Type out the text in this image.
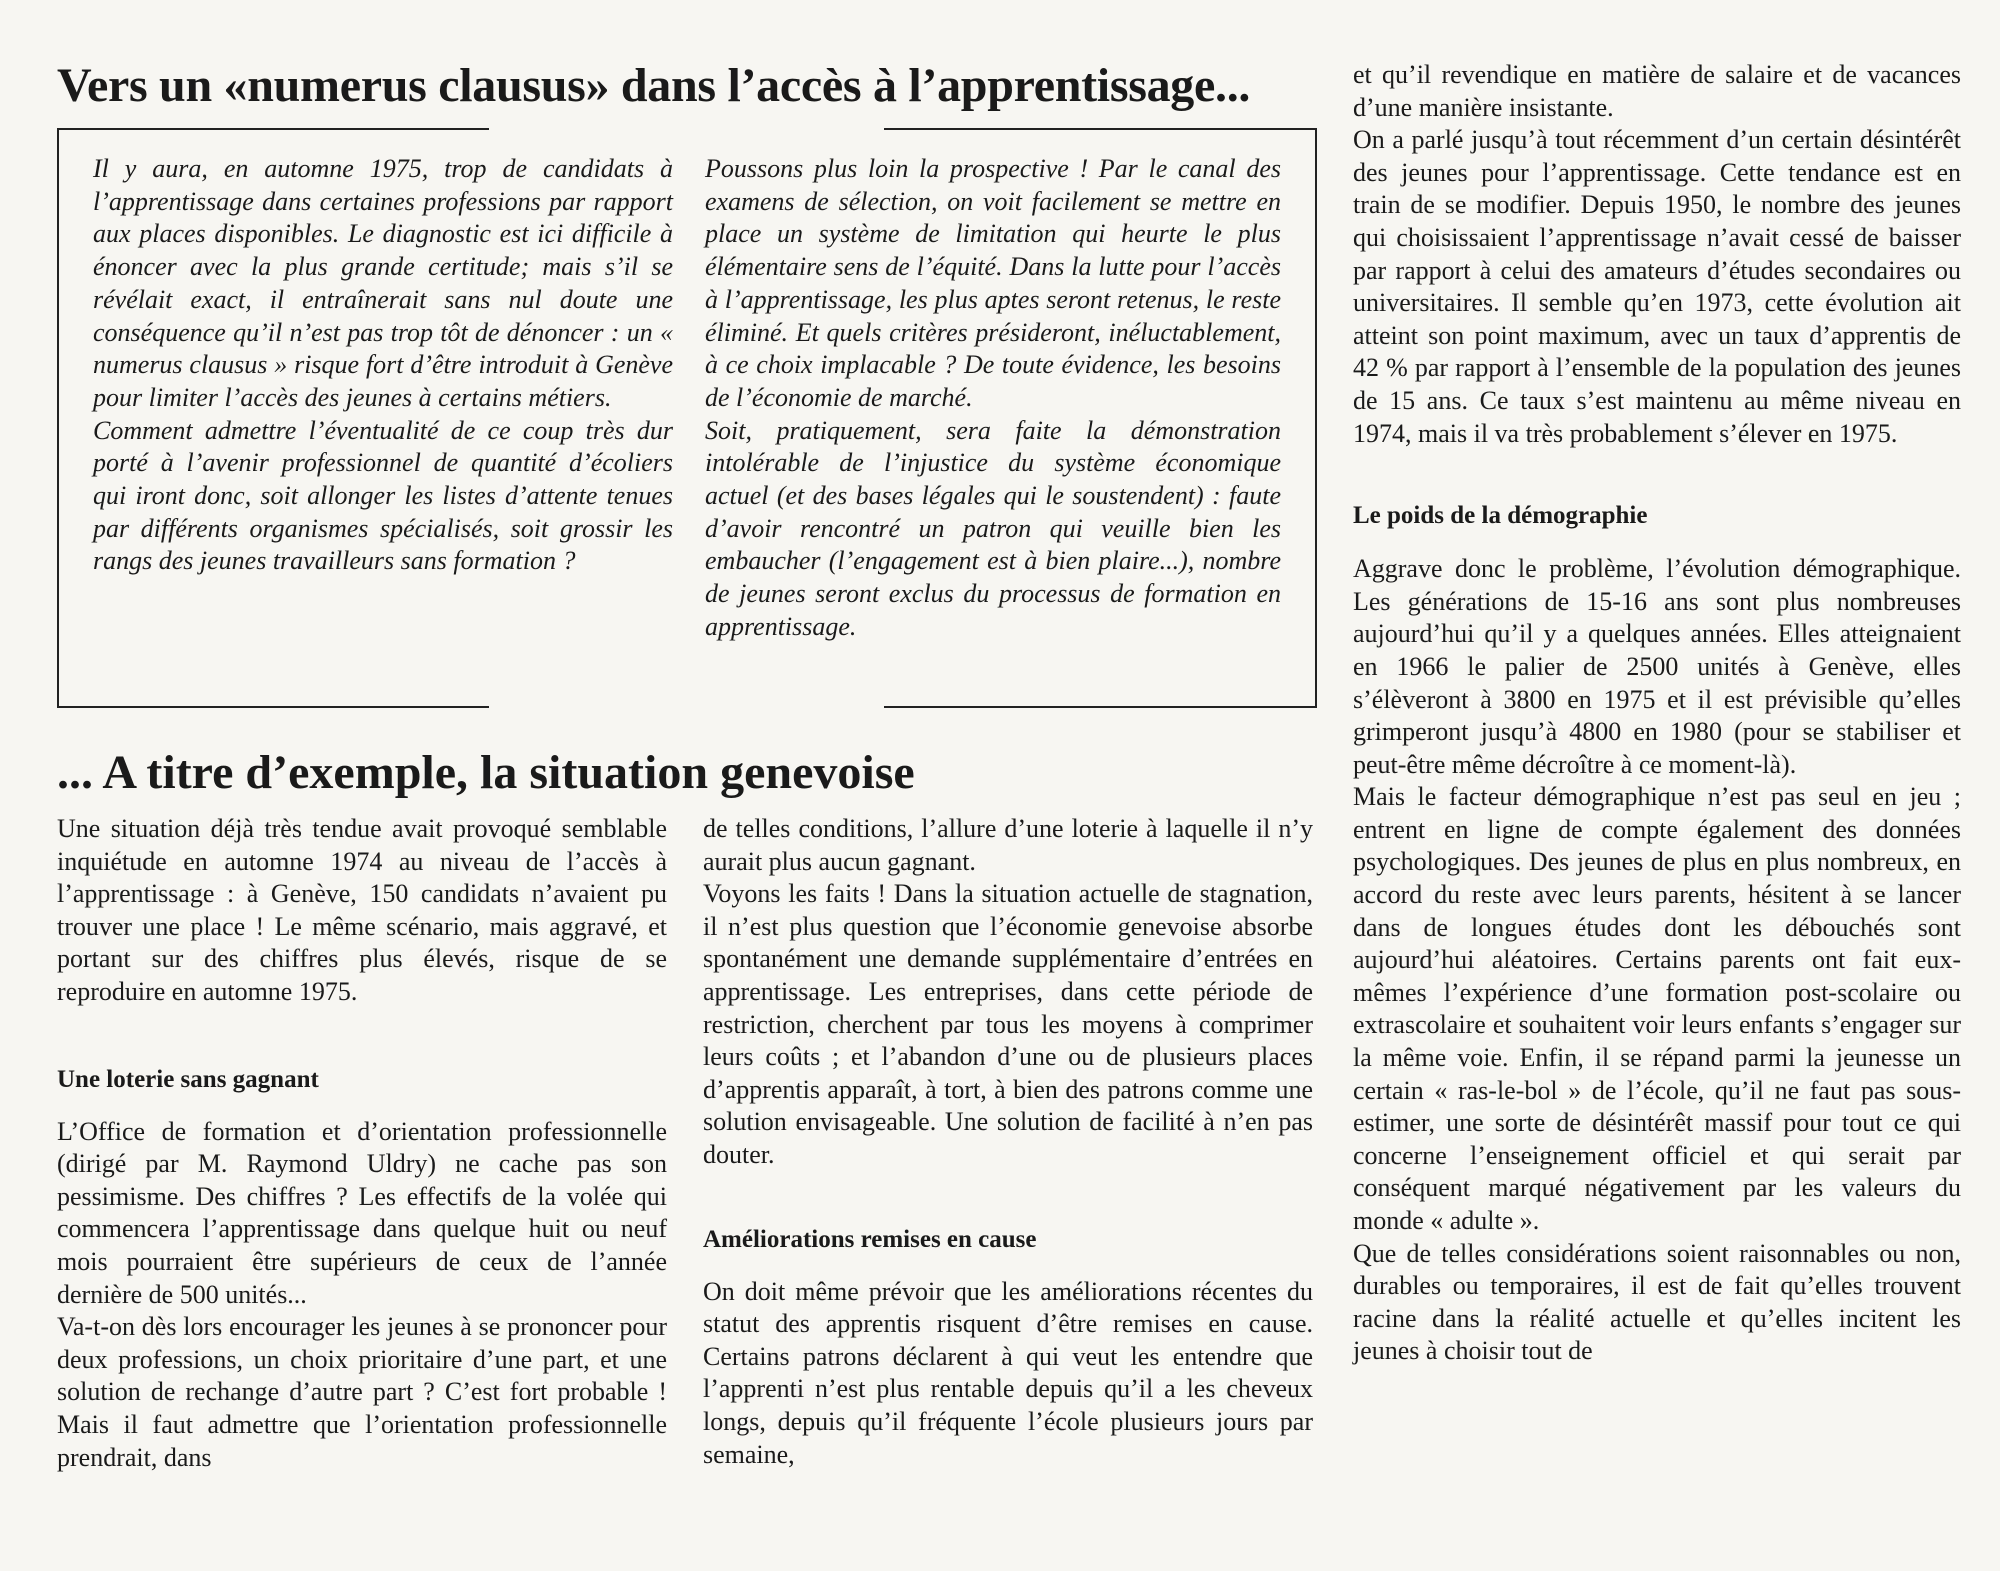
Vers un «numerus clausus» dans l’accès à l’apprentissage...

Il y aura, en automne 1975, trop de candidats à l’apprentissage dans certaines professions par rapport aux places disponibles. Le diagnostic est ici difficile à énoncer avec la plus grande certitude; mais s’il se révélait exact, il entraînerait sans nul doute une conséquence qu’il n’est pas trop tôt de dénoncer : un « numerus clausus » risque fort d’être introduit à Genève pour limiter l’accès des jeunes à certains métiers.

Comment admettre l’éventualité de ce coup très dur porté à l’avenir professionnel de quantité d’écoliers qui iront donc, soit allonger les listes d’attente tenues par différents organismes spécialisés, soit grossir les rangs des jeunes travailleurs sans formation ?

Poussons plus loin la prospective ! Par le canal des examens de sélection, on voit facilement se mettre en place un système de limitation qui heurte le plus élémentaire sens de l’équité. Dans la lutte pour l’accès à l’apprentissage, les plus aptes seront retenus, le reste éliminé. Et quels critères présideront, inéluctablement, à ce choix implacable ? De toute évidence, les besoins de l’économie de marché.

Soit, pratiquement, sera faite la démonstration intolérable de l’injustice du système économique actuel (et des bases légales qui le soustendent) : faute d’avoir rencontré un patron qui veuille bien les embaucher (l’engagement est à bien plaire...), nombre de jeunes seront exclus du processus de formation en apprentissage.

... A titre d’exemple, la situation genevoise

Une situation déjà très tendue avait provoqué semblable inquiétude en automne 1974 au niveau de l’accès à l’apprentissage : à Genève, 150 candidats n’avaient pu trouver une place ! Le même scénario, mais aggravé, et portant sur des chiffres plus élevés, risque de se reproduire en automne 1975.

Une loterie sans gagnant

L’Office de formation et d’orientation professionnelle (dirigé par M. Raymond Uldry) ne cache pas son pessimisme. Des chiffres ? Les effectifs de la volée qui commencera l’apprentissage dans quelque huit ou neuf mois pourraient être supérieurs de ceux de l’année dernière de 500 unités...

Va-t-on dès lors encourager les jeunes à se prononcer pour deux professions, un choix prioritaire d’une part, et une solution de rechange d’autre part ? C’est fort probable ! Mais il faut admettre que l’orientation professionnelle prendrait, dans

de telles conditions, l’allure d’une loterie à laquelle il n’y aurait plus aucun gagnant.

Voyons les faits ! Dans la situation actuelle de stagnation, il n’est plus question que l’économie genevoise absorbe spontanément une demande supplémentaire d’entrées en apprentissage. Les entreprises, dans cette période de restriction, cherchent par tous les moyens à comprimer leurs coûts ; et l’abandon d’une ou de plusieurs places d’apprentis apparaît, à tort, à bien des patrons comme une solution envisageable. Une solution de facilité à n’en pas douter.

Améliorations remises en cause

On doit même prévoir que les améliorations récentes du statut des apprentis risquent d’être remises en cause. Certains patrons déclarent à qui veut les entendre que l’apprenti n’est plus rentable depuis qu’il a les cheveux longs, depuis qu’il fréquente l’école plusieurs jours par semaine,

et qu’il revendique en matière de salaire et de vacances d’une manière insistante.

On a parlé jusqu’à tout récemment d’un certain désintérêt des jeunes pour l’apprentissage. Cette tendance est en train de se modifier. Depuis 1950, le nombre des jeunes qui choisissaient l’apprentissage n’avait cessé de baisser par rapport à celui des amateurs d’études secondaires ou universitaires. Il semble qu’en 1973, cette évolution ait atteint son point maximum, avec un taux d’apprentis de 42 % par rapport à l’ensemble de la population des jeunes de 15 ans. Ce taux s’est maintenu au même niveau en 1974, mais il va très probablement s’élever en 1975.

Le poids de la démographie

Aggrave donc le problème, l’évolution démographique. Les générations de 15-16 ans sont plus nombreuses aujourd’hui qu’il y a quelques années. Elles atteignaient en 1966 le palier de 2500 unités à Genève, elles s’élèveront à 3800 en 1975 et il est prévisible qu’elles grimperont jusqu’à 4800 en 1980 (pour se stabiliser et peut-être même décroître à ce moment-là).

Mais le facteur démographique n’est pas seul en jeu ; entrent en ligne de compte également des données psychologiques. Des jeunes de plus en plus nombreux, en accord du reste avec leurs parents, hésitent à se lancer dans de longues études dont les débouchés sont aujourd’hui aléatoires. Certains parents ont fait eux-mêmes l’expérience d’une formation post-scolaire ou extrascolaire et souhaitent voir leurs enfants s’engager sur la même voie. Enfin, il se répand parmi la jeunesse un certain « ras-le-bol » de l’école, qu’il ne faut pas sous-estimer, une sorte de désintérêt massif pour tout ce qui concerne l’enseignement officiel et qui serait par conséquent marqué négativement par les valeurs du monde « adulte ».

Que de telles considérations soient raisonnables ou non, durables ou temporaires, il est de fait qu’elles trouvent racine dans la réalité actuelle et qu’elles incitent les jeunes à choisir tout de
